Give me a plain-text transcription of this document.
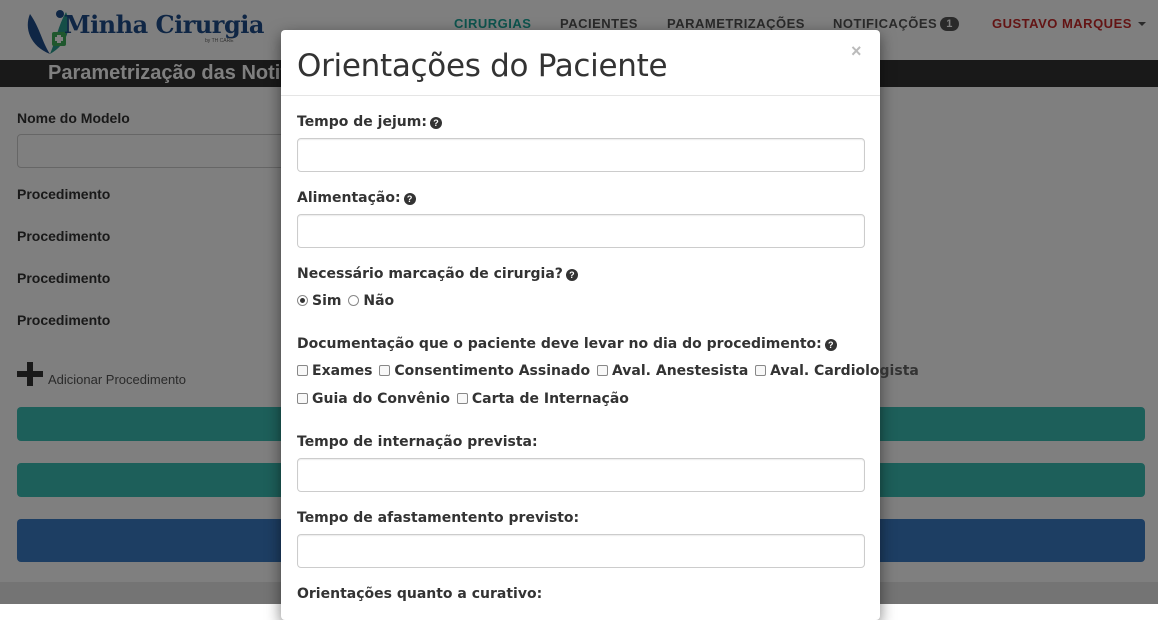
Orientações do Paciente	×
Tempo de jejum: ?
Alimentação: ?
Necessário marcação de cirurgia? ?
Sim Não
Documentação que o paciente deve levar no dia do procedimento: ?
Exames Consentimento Assinado Aval. Anestesista Aval. Cardiologista
Guia do Convênio Carta de Internação
Tempo de internação prevista:
Tempo de afastamentento previsto:
Orientações quanto a curativo:
